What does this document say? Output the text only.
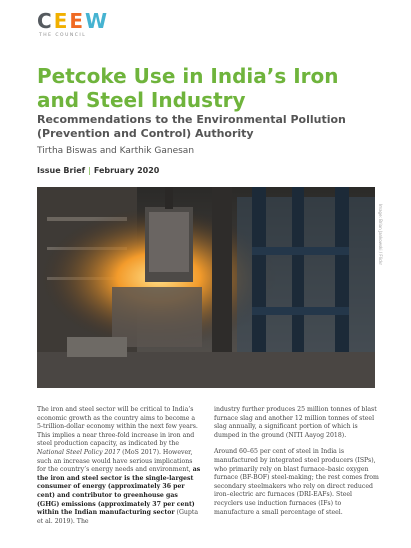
C E E W
THE COUNCIL
Petcoke Use in India’s Iron and Steel Industry
Recommendations to the Environmental Pollution (Prevention and Control) Authority
Tirtha Biswas and Karthik Ganesan
Issue Brief | February 2020
Image: Brian Jankowski / Flickr

The iron and steel sector will be critical to India’s economic growth as the country aims to become a 5-trillion-dollar economy within the next few years. This implies a near three-fold increase in iron and steel production capacity, as indicated by the National Steel Policy 2017 (MoS 2017). However, such an increase would have serious implications for the country’s energy needs and environment, as the iron and steel sector is the single-largest consumer of energy (approximately 36 per cent) and contributor to greenhouse gas (GHG) emissions (approximately 37 per cent) within the Indian manufacturing sector (Gupta et al. 2019). The

industry further produces 25 million tonnes of blast furnace slag and another 12 million tonnes of steel slag annually, a significant portion of which is dumped in the ground (NITI Aayog 2018).

Around 60–65 per cent of steel in India is manufactured by integrated steel producers (ISPs), who primarily rely on blast furnace–basic oxygen furnace (BF-BOF) steel-making; the rest comes from secondary steelmakers who rely on direct reduced iron–electric arc furnaces (DRI-EAFs). Steel recyclers use induction furnaces (IFs) to manufacture a small percentage of steel.
